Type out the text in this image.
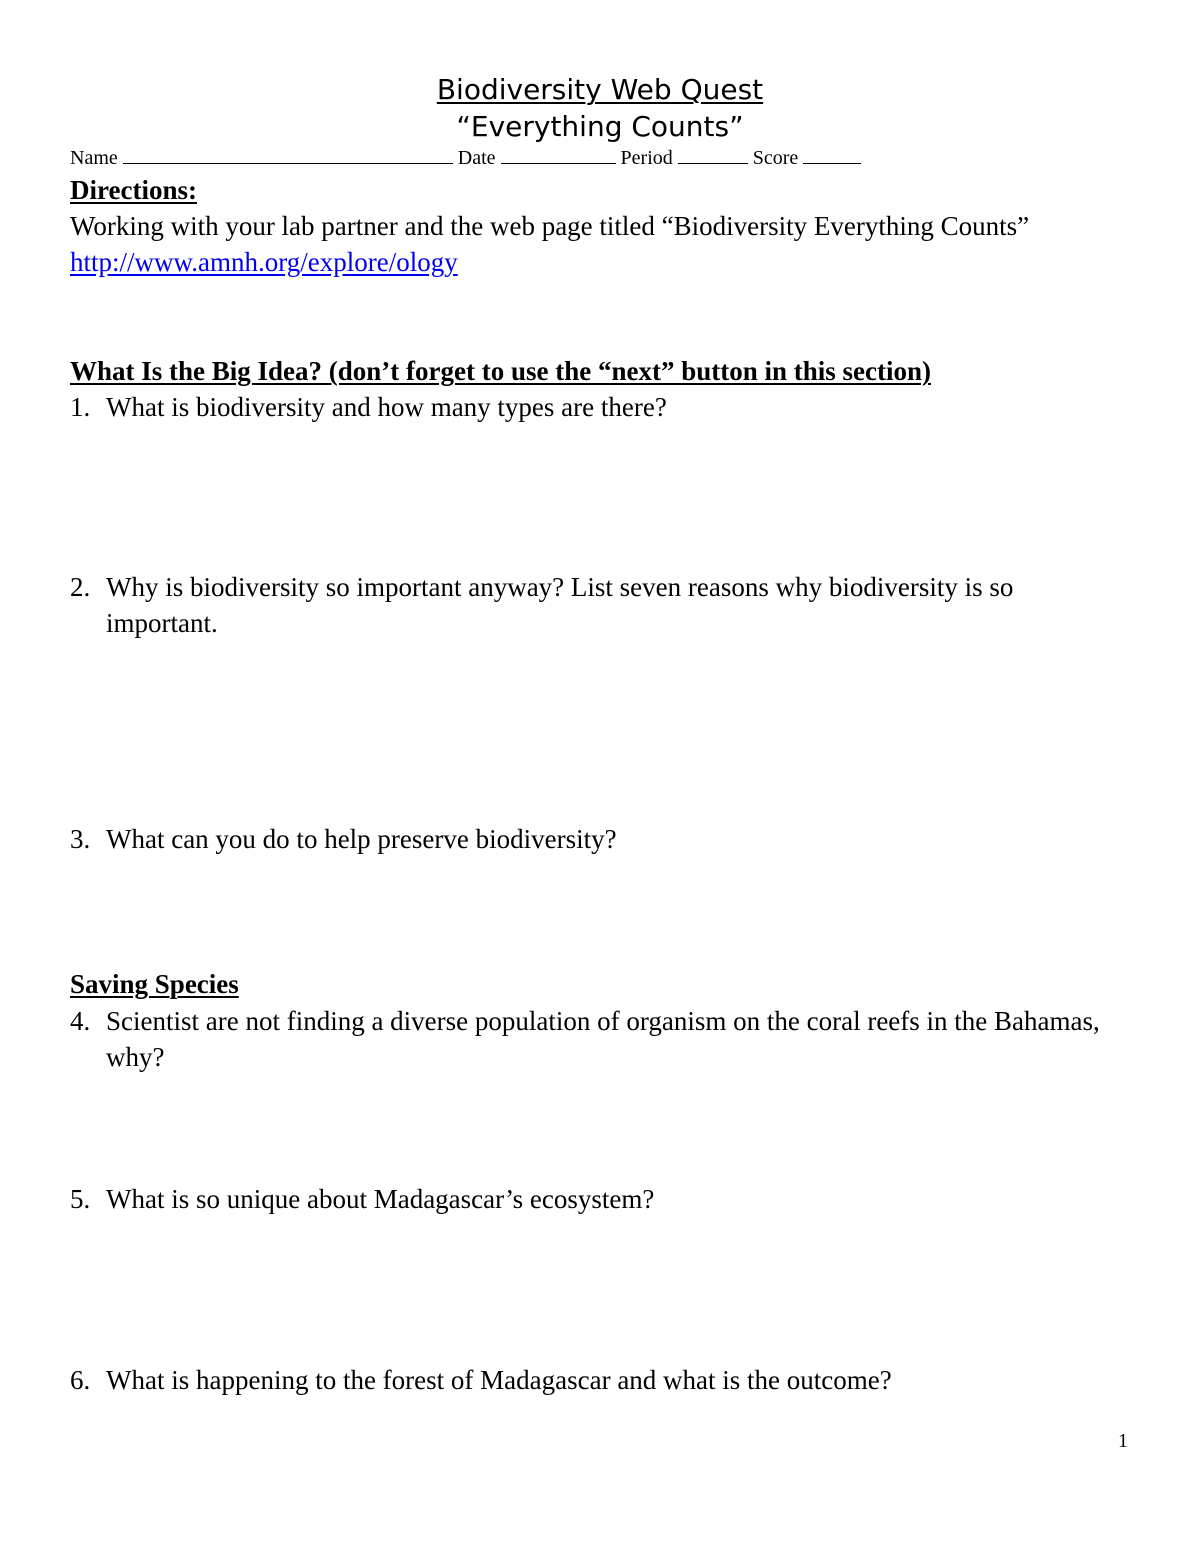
Biodiversity Web Quest
“Everything Counts”
Name	Date	Period	Score
Directions:
Working with your lab partner and the web page titled “Biodiversity Everything Counts” http://www.amnh.org/explore/ology
What Is the Big Idea? (don’t forget to use the “next” button in this section)
1. What is biodiversity and how many types are there?
2. Why is biodiversity so important anyway? List seven reasons why biodiversity is so important.
3. What can you do to help preserve biodiversity?
Saving Species
4. Scientist are not finding a diverse population of organism on the coral reefs in the Bahamas, why?
5. What is so unique about Madagascar’s ecosystem?
6. What is happening to the forest of Madagascar and what is the outcome?
1
